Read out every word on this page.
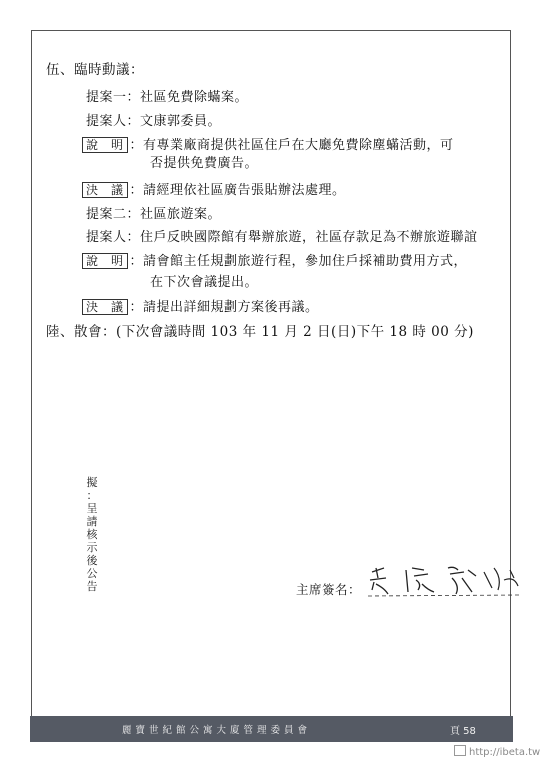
伍、臨時動議：
提案一：社區免費除蟎案。
提案人：文康郭委員。
說　明 ：有專業廠商提供社區住戶在大廳免費除塵蟎活動，可
否提供免費廣告。
決　議 ：請經理依社區廣告張貼辦法處理。
提案二：社區旅遊案。
提案人：住戶反映國際館有舉辦旅遊，社區存款足為不辦旅遊聯誼
說　明 ：請會館主任規劃旅遊行程，參加住戶採補助費用方式，
在下次會議提出。
決　議 ：請提出詳細規劃方案後再議。
陸、散會：(下次會議時間 103 年 11 月 2 日(日)下午 18 時 00 分)
擬
：
呈
請
核
示
後
公
告	主席簽名：
麗寶世紀館公寓大廈管理委員會	頁 58
http://ibeta.tw
